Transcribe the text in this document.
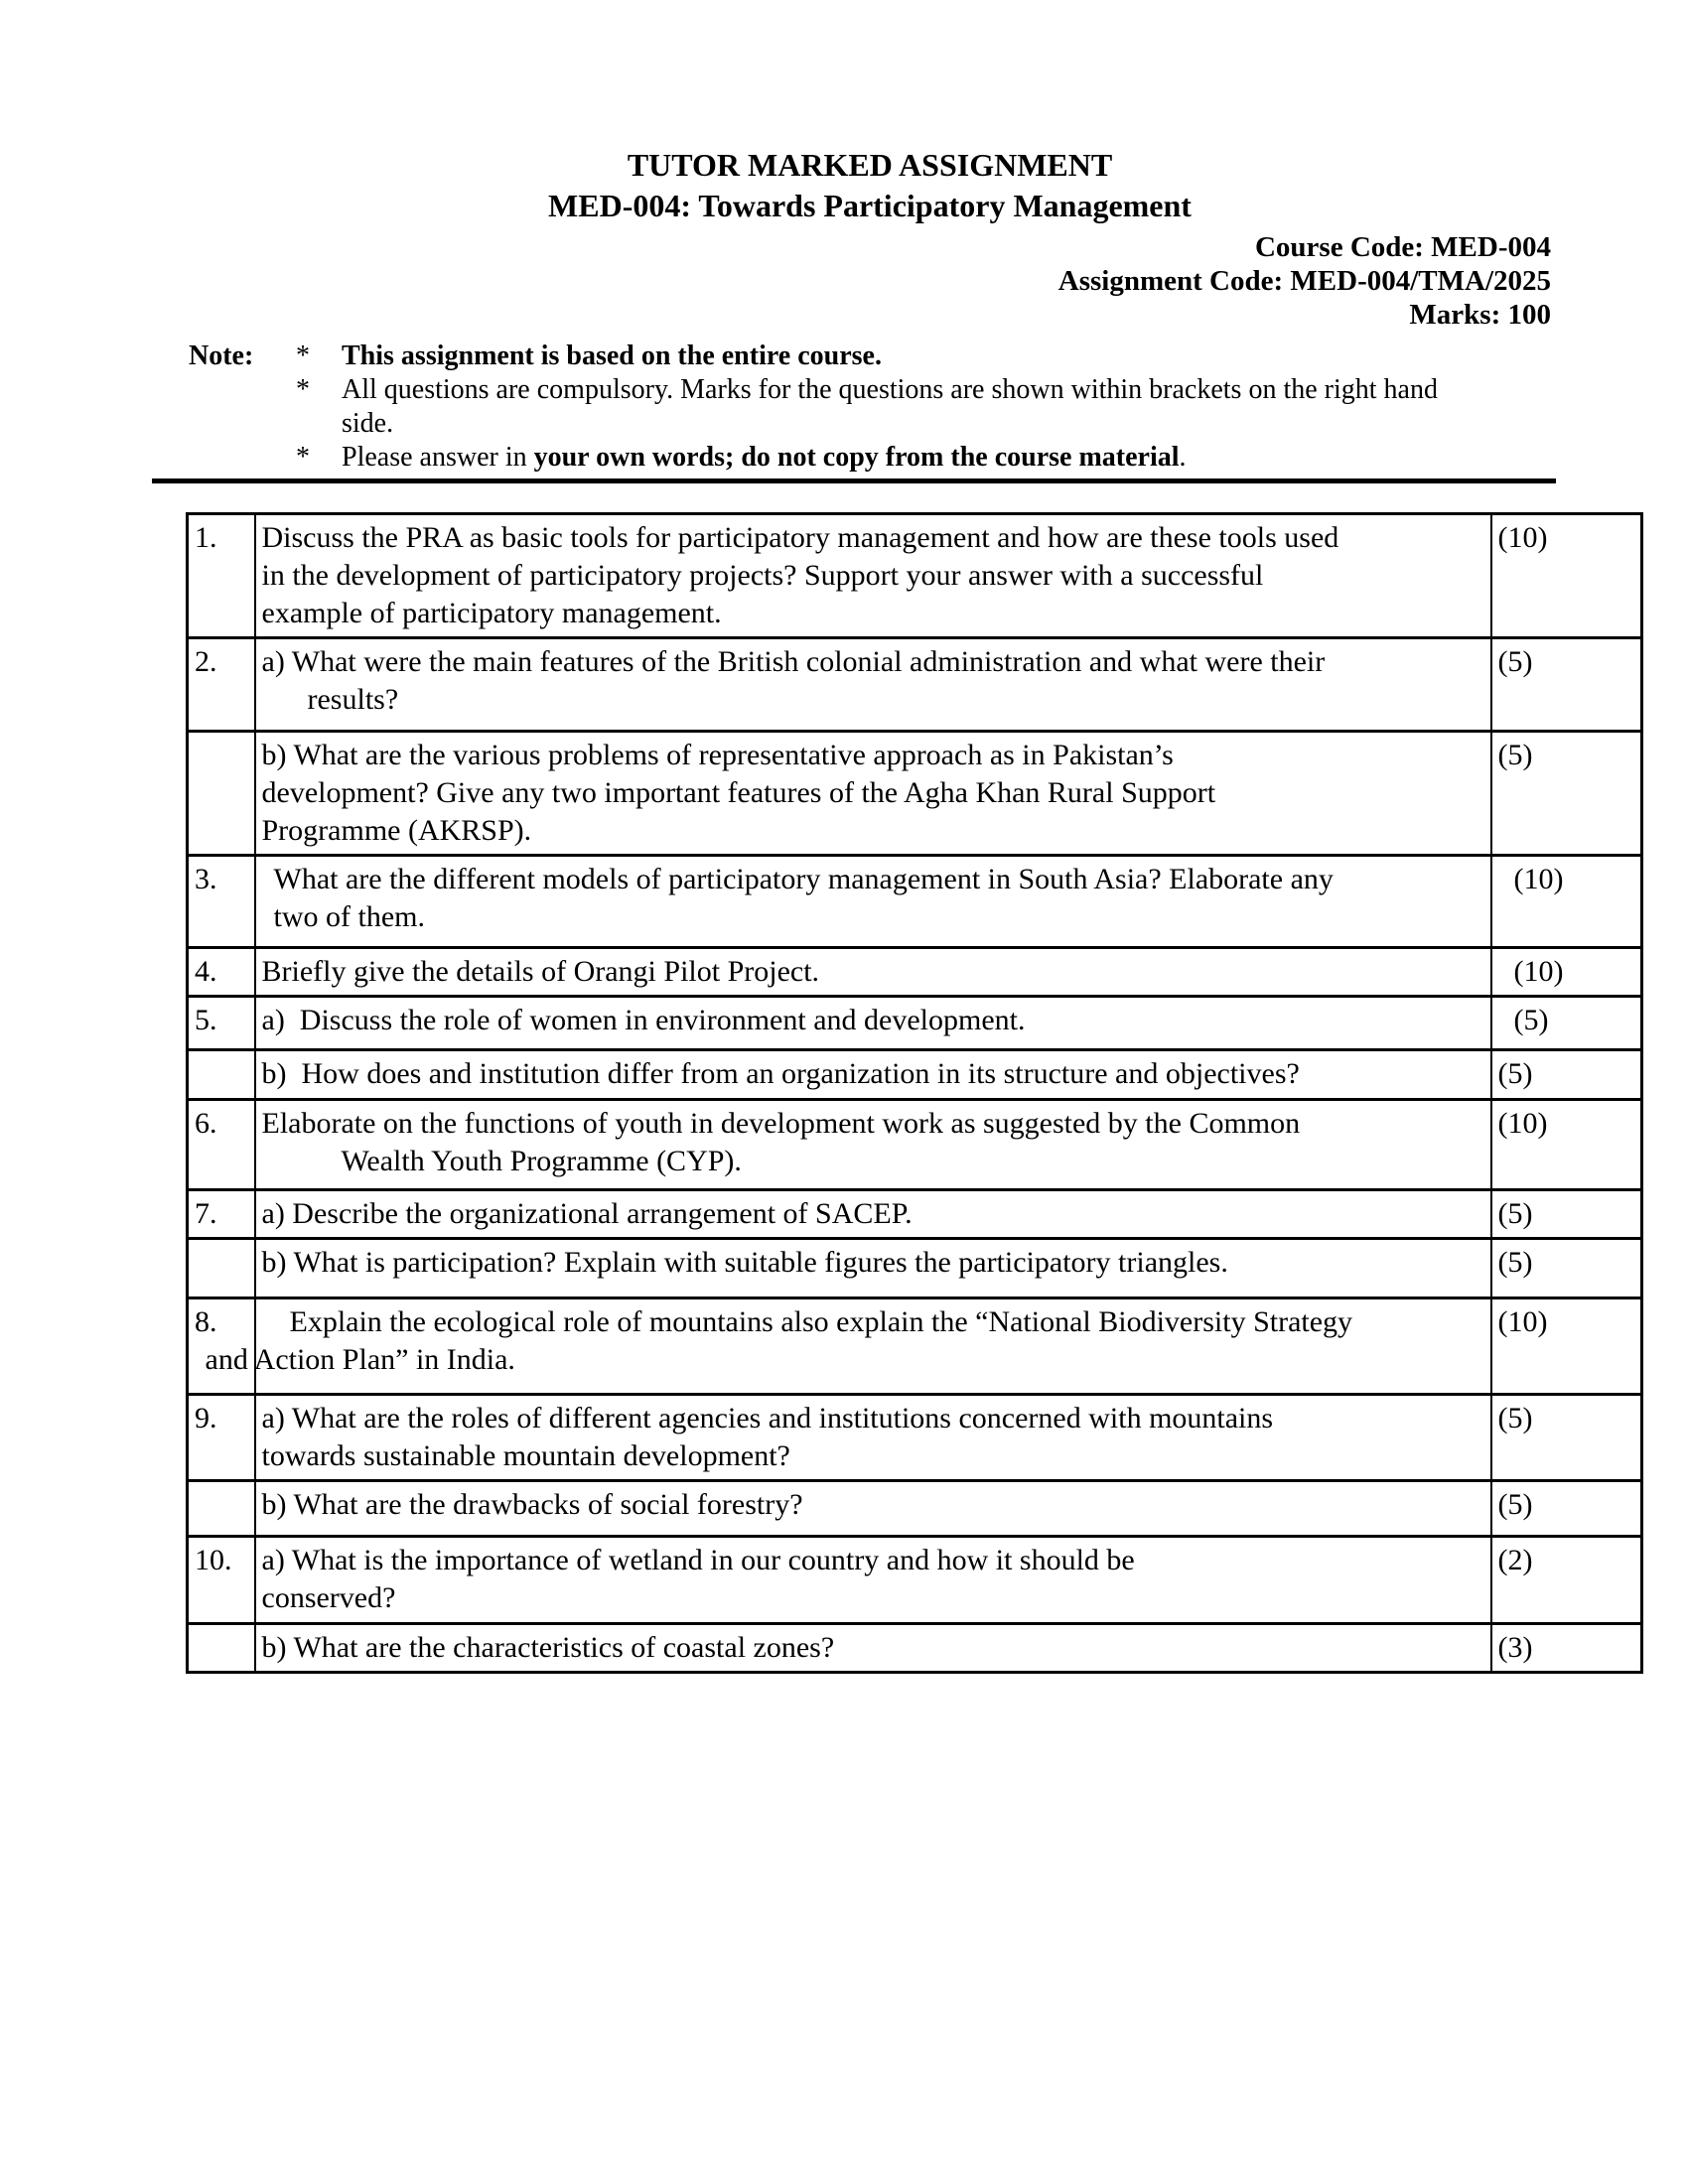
TUTOR MARKED ASSIGNMENT
MED-004: Towards Participatory Management
Course Code: MED-004
Assignment Code: MED-004/TMA/2025
Marks: 100
Note:	*	This assignment is based on the entire course.
*	All questions are compulsory. Marks for the questions are shown within brackets on the right hand
side.
*	Please answer in your own words; do not copy from the course material.
1.	Discuss the PRA as basic tools for participatory management and how are these tools used
in the development of participatory projects? Support your answer with a successful
example of participatory management.	(10)
2.	a) What were the main features of the British colonial administration and what were their
results?	(5)

	b) What are the various problems of representative approach as in Pakistan’s
development? Give any two important features of the Agha Khan Rural Support
Programme (AKRSP).	(5)
3.	What are the different models of participatory management in South Asia? Elaborate any
two of them.	(10)
4.	Briefly give the details of Orangi Pilot Project.	(10)
5.	a)  Discuss the role of women in environment and development.	(5)

	b)  How does and institution differ from an organization in its structure and objectives?	(5)
6.	Elaborate on the functions of youth in development work as suggested by the Common
Wealth Youth Programme (CYP).	(10)
7.	a) Describe the organizational arrangement of SACEP.	(5)

	b) What is participation? Explain with suitable figures the participatory triangles.	(5)
8.	Explain the ecological role of mountains also explain the “National Biodiversity Strategy
and Action Plan” in India.	(10)
9.	a) What are the roles of different agencies and institutions concerned with mountains
towards sustainable mountain development?	(5)

	b) What are the drawbacks of social forestry?	(5)
10.	a) What is the importance of wetland in our country and how it should be
conserved?	(2)

	b) What are the characteristics of coastal zones?	(3)
